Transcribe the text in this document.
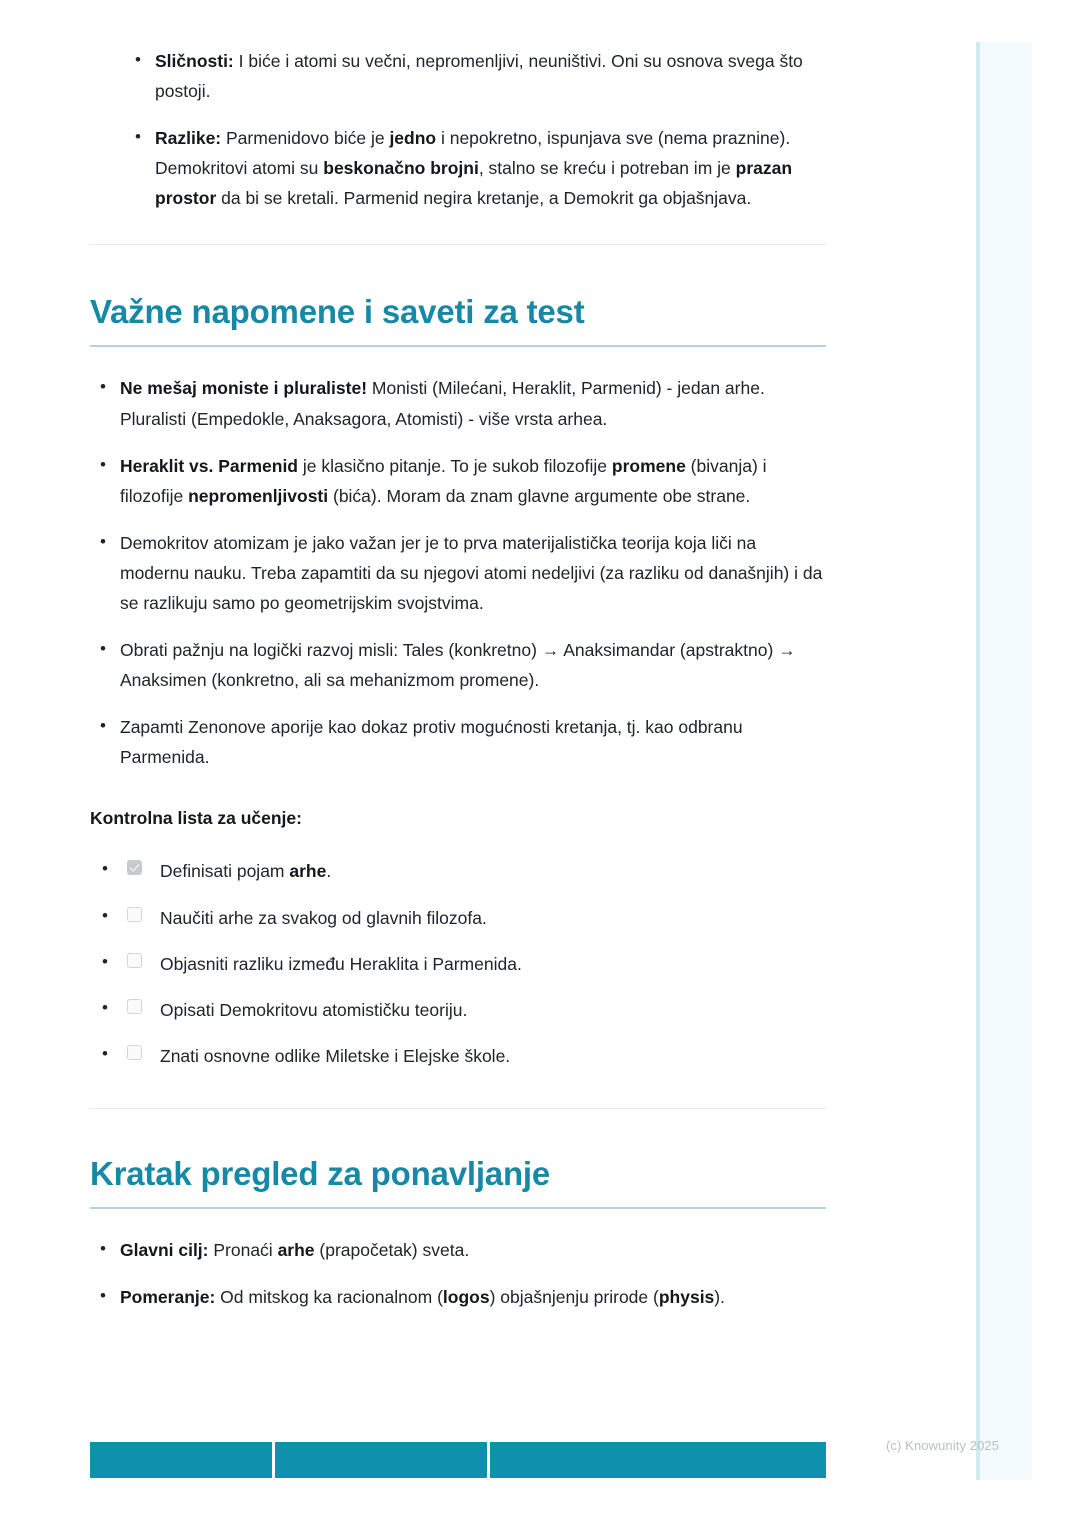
• Sličnosti: I biće i atomi su večni, nepromenljivi, neuništivi. Oni su osnova svega što postoji.
• Razlike: Parmenidovo biće je jedno i nepokretno, ispunjava sve (nema praznine). Demokritovi atomi su beskonačno brojni, stalno se kreću i potreban im je prazan prostor da bi se kretali. Parmenid negira kretanje, a Demokrit ga objašnjava.
Važne napomene i saveti za test
• Ne mešaj moniste i pluraliste! Monisti (Milećani, Heraklit, Parmenid) - jedan arhe. Pluralisti (Empedokle, Anaksagora, Atomisti) - više vrsta arhea.
• Heraklit vs. Parmenid je klasično pitanje. To je sukob filozofije promene (bivanja) i filozofije nepromenljivosti (bića). Moram da znam glavne argumente obe strane.
• Demokritov atomizam je jako važan jer je to prva materijalistička teorija koja liči na modernu nauku. Treba zapamtiti da su njegovi atomi nedeljivi (za razliku od današnjih) i da se razlikuju samo po geometrijskim svojstvima.
• Obrati pažnju na logički razvoj misli: Tales (konkretno) → Anaksimandar (apstraktno) → Anaksimen (konkretno, ali sa mehanizmom promene).
• Zapamti Zenonove aporije kao dokaz protiv mogućnosti kretanja, tj. kao odbranu Parmenida.
Kontrolna lista za učenje:
• Definisati pojam arhe.
• Naučiti arhe za svakog od glavnih filozofa.
• Objasniti razliku između Heraklita i Parmenida.
• Opisati Demokritovu atomističku teoriju.
• Znati osnovne odlike Miletske i Elejske škole.
Kratak pregled za ponavljanje
• Glavni cilj: Pronaći arhe (prapočetak) sveta.
• Pomeranje: Od mitskog ka racionalnom (logos) objašnjenju prirode (physis).
(c) Knowunity 2025
